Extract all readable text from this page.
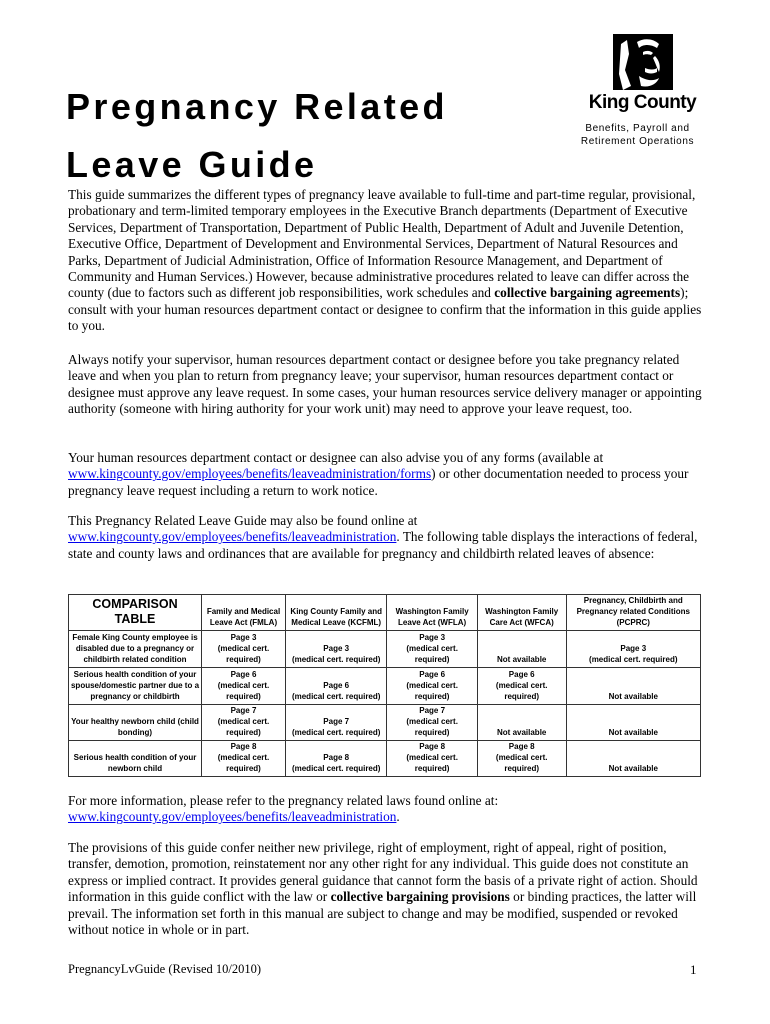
Pregnancy Related
Leave Guide
King County
Benefits, Payroll and
Retirement Operations

This guide summarizes the different types of pregnancy leave available to full-time and part-time regular, provisional, probationary and term-limited temporary employees in the Executive Branch departments (Department of Executive Services, Department of Transportation, Department of Public Health, Department of Adult and Juvenile Detention, Executive Office, Department of Development and Environmental Services, Department of Natural Resources and Parks, Department of Judicial Administration, Office of Information Resource Management, and Department of Community and Human Services.) However, because administrative procedures related to leave can differ across the county (due to factors such as different job responsibilities, work schedules and collective bargaining agreements); consult with your human resources department contact or designee to confirm that the information in this guide applies to you.

Always notify your supervisor, human resources department contact or designee before you take pregnancy related leave and when you plan to return from pregnancy leave; your supervisor, human resources department contact or designee must approve any leave request. In some cases, your human resources service delivery manager or appointing authority (someone with hiring authority for your work unit) may need to approve your leave request, too.

Your human resources department contact or designee can also advise you of any forms (available at www.kingcounty.gov/employees/benefits/leaveadministration/forms) or other documentation needed to process your pregnancy leave request including a return to work notice.

This Pregnancy Related Leave Guide may also be found online at www.kingcounty.gov/employees/benefits/leaveadministration. The following table displays the interactions of federal, state and county laws and ordinances that are available for pregnancy and childbirth related leaves of absence:

COMPARISON
TABLE	Family and Medical Leave Act (FMLA)	King County Family and Medical Leave (KCFML)	Washington Family Leave Act (WFLA)	Washington Family Care Act (WFCA)	Pregnancy, Childbirth and Pregnancy related Conditions (PCPRC)
Female King County employee is disabled due to a pregnancy or childbirth related condition	Page 3
(medical cert. required)	Page 3
(medical cert. required)	Page 3
(medical cert. required)	Not available	Page 3
(medical cert. required)

Serious health condition of your spouse/domestic partner due to a pregnancy or childbirth	Page 6
(medical cert. required)	Page 6
(medical cert. required)	Page 6
(medical cert. required)	Page 6
(medical cert. required)	Not available

Your healthy newborn child (child bonding)	Page 7
(medical cert. required)	Page 7
(medical cert. required)	Page 7
(medical cert. required)	Not available	Not available

Serious health condition of your newborn child	Page 8
(medical cert. required)	Page 8
(medical cert. required)	Page 8
(medical cert. required)	Page 8
(medical cert. required)	Not available

For more information, please refer to the pregnancy related laws found online at:
www.kingcounty.gov/employees/benefits/leaveadministration.

The provisions of this guide confer neither new privilege, right of employment, right of appeal, right of position, transfer, demotion, promotion, reinstatement nor any other right for any individual. This guide does not constitute an express or implied contract. It provides general guidance that cannot form the basis of a private right of action. Should information in this guide conflict with the law or collective bargaining provisions or binding practices, the latter will prevail. The information set forth in this manual are subject to change and may be modified, suspended or revoked without notice in whole or in part.

PregnancyLvGuide (Revised 10/2010)	1
